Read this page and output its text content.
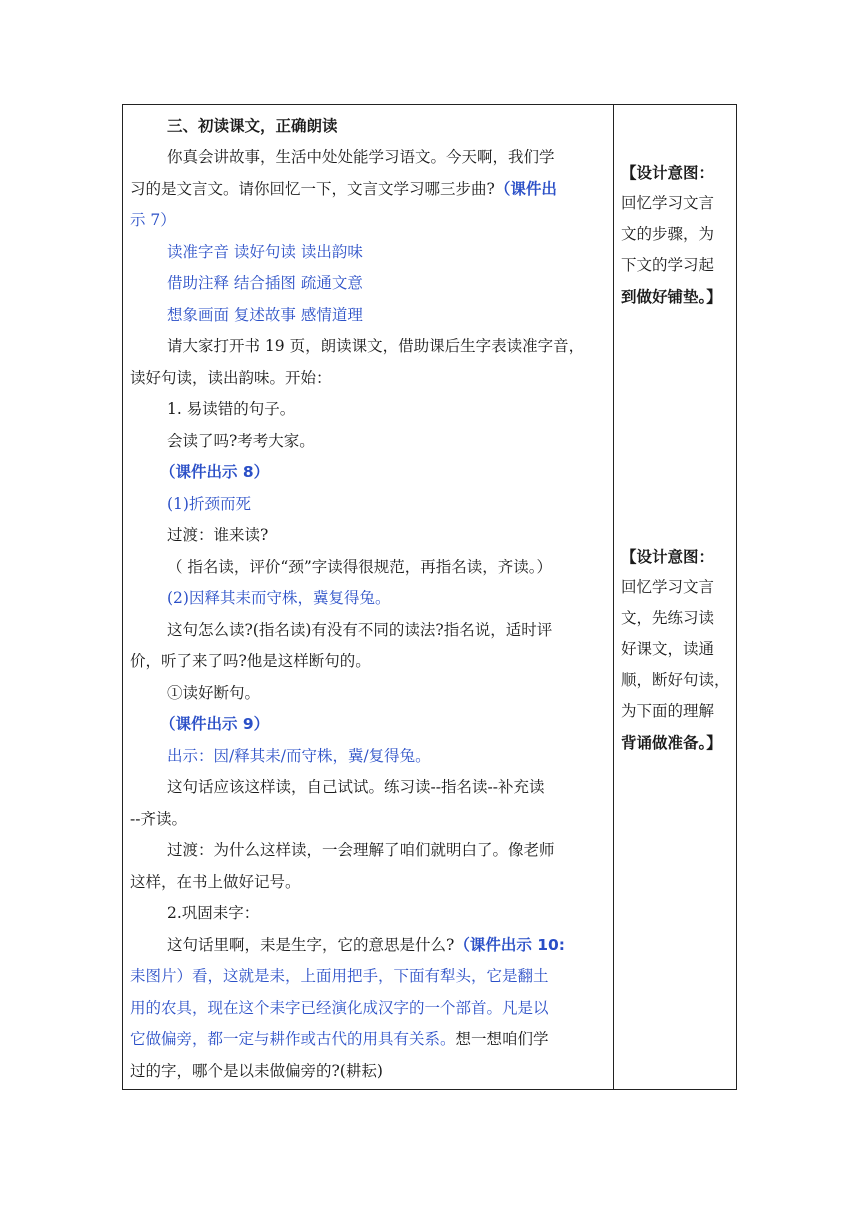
三、初读课文，正确朗读
你真会讲故事，生活中处处能学习语文。今天啊，我们学
习的是文言文。请你回忆一下，文言文学习哪三步曲?（课件出
示 7）
读准字音 读好句读 读出韵味
借助注释 结合插图 疏通文意
想象画面 复述故事 感情道理
请大家打开书 19 页，朗读课文，借助课后生字表读准字音，
读好句读，读出韵味。开始：
1. 易读错的句子。
会读了吗?考考大家。
（课件出示 8）
(1)折颈而死
过渡：谁来读?
（ 指名读，评价“颈”字读得很规范，再指名读，齐读。）
(2)因释其耒而守株，冀复得兔。
这句怎么读?(指名读)有没有不同的读法?指名说，适时评
价，听了来了吗?他是这样断句的。
①读好断句。
（课件出示 9）
出示：因/释其耒/而守株，冀/复得兔。
这句话应该这样读，自己试试。练习读--指名读--补充读
--齐读。
过渡：为什么这样读，一会理解了咱们就明白了。像老师
这样，在书上做好记号。
2.巩固耒字：
这句话里啊，耒是生字，它的意思是什么?（课件出示 10:
耒图片）看，这就是耒，上面用把手，下面有犁头，它是翻土
用的农具，现在这个耒字已经演化成汉字的一个部首。凡是以
它做偏旁，都一定与耕作或古代的用具有关系。想一想咱们学
过的字，哪个是以耒做偏旁的?(耕耘)

【设计意图：

回忆学习文言

文的步骤，为

下文的学习起

到做好铺垫。】

【设计意图：

回忆学习文言

文，先练习读

好课文，读通

顺，断好句读，

为下面的理解

背诵做准备。】
